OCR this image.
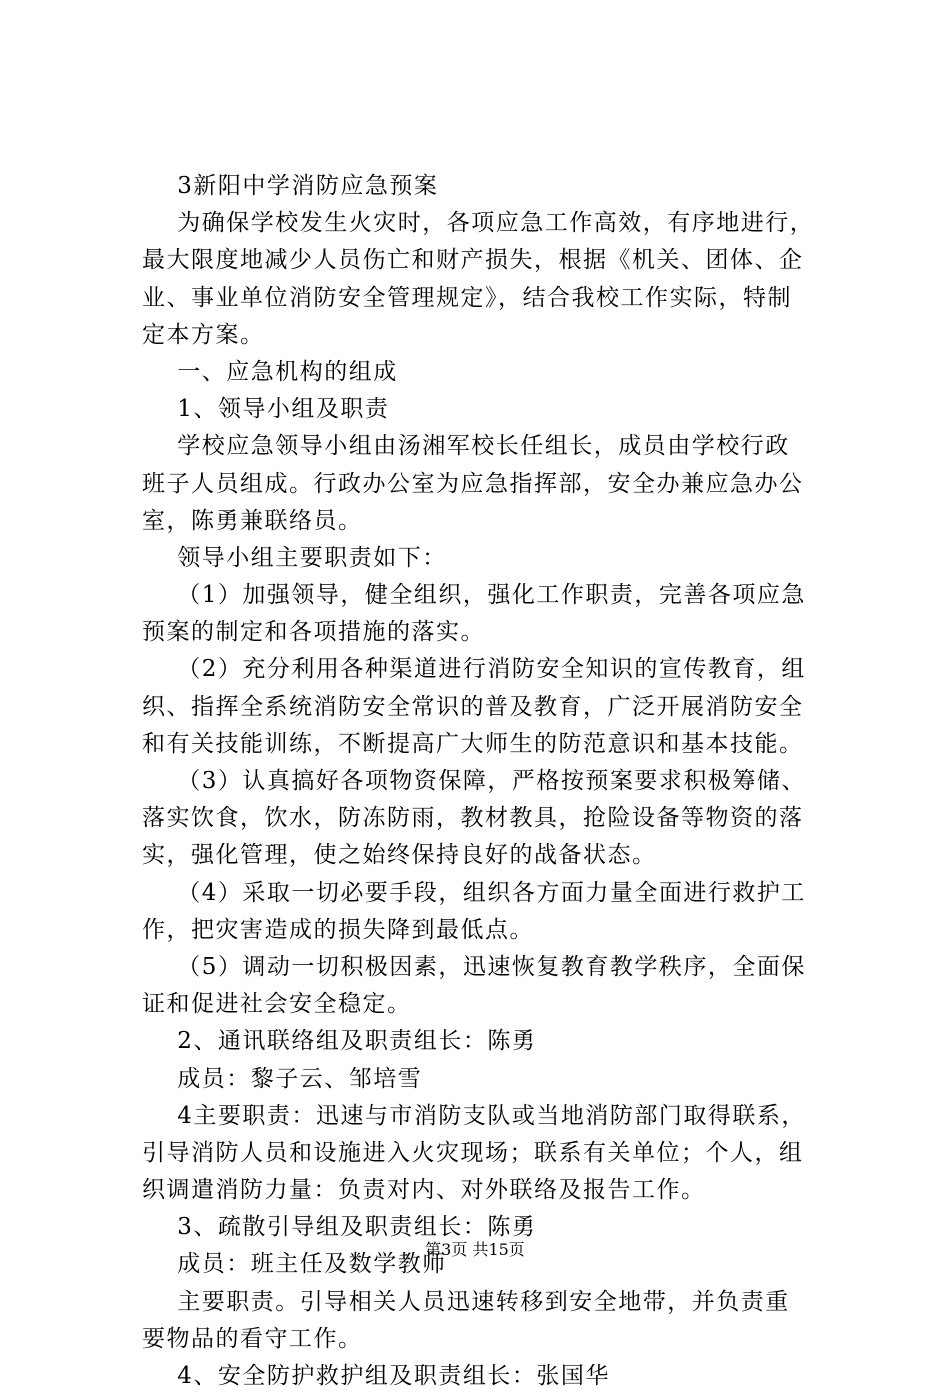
3新阳中学消防应急预案
为确保学校发生火灾时，各项应急工作高效，有序地进行，
最大限度地减少人员伤亡和财产损失，根据《机关、团体、企
业、事业单位消防安全管理规定》，结合我校工作实际，特制
定本方案。
一、应急机构的组成
1、领导小组及职责
学校应急领导小组由汤湘军校长任组长，成员由学校行政
班子人员组成。行政办公室为应急指挥部，安全办兼应急办公
室，陈勇兼联络员。
领导小组主要职责如下：
（1）加强领导，健全组织，强化工作职责，完善各项应急
预案的制定和各项措施的落实。
（2）充分利用各种渠道进行消防安全知识的宣传教育，组
织、指挥全系统消防安全常识的普及教育，广泛开展消防安全
和有关技能训练，不断提高广大师生的防范意识和基本技能。
（3）认真搞好各项物资保障，严格按预案要求积极筹储、
落实饮食，饮水，防冻防雨，教材教具，抢险设备等物资的落
实，强化管理，使之始终保持良好的战备状态。
（4）采取一切必要手段，组织各方面力量全面进行救护工
作，把灾害造成的损失降到最低点。
（5）调动一切积极因素，迅速恢复教育教学秩序，全面保
证和促进社会安全稳定。
2、通讯联络组及职责组长：陈勇
成员：黎子云、邹培雪
4主要职责：迅速与市消防支队或当地消防部门取得联系，
引导消防人员和设施进入火灾现场；联系有关单位；个人，组
织调遣消防力量：负责对内、对外联络及报告工作。
3、疏散引导组及职责组长：陈勇
成员：班主任及数学教师
主要职责。引导相关人员迅速转移到安全地带，并负责重
要物品的看守工作。
4、安全防护救护组及职责组长：张国华
第3页 共15页
